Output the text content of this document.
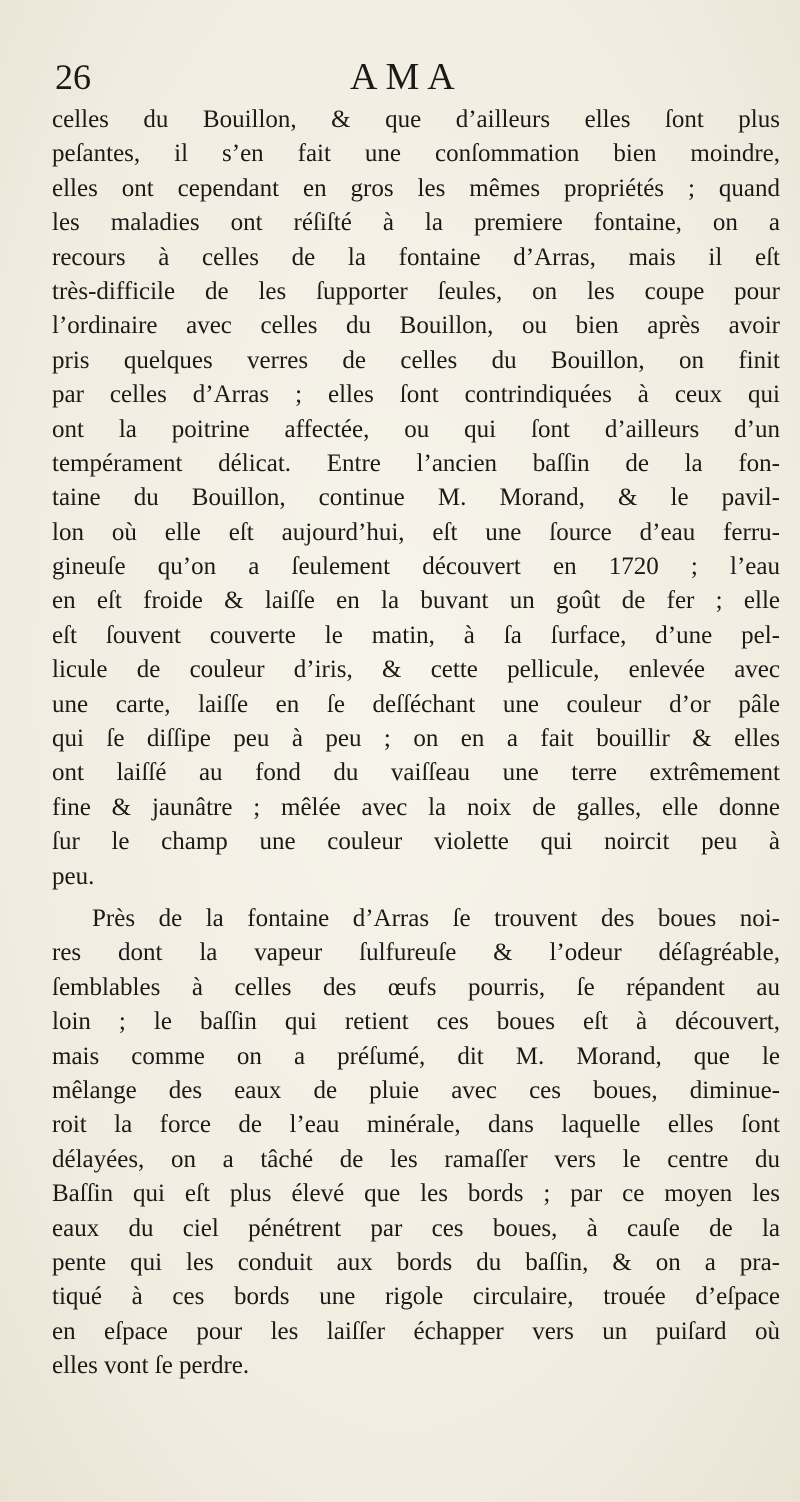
26	AMA
celles du Bouillon, & que d’ailleurs elles ſont plus
peſantes, il s’en fait une conſommation bien moindre,
elles ont cependant en gros les mêmes propriétés ; quand
les maladies ont réſiſté à la premiere fontaine, on a
recours à celles de la fontaine d’Arras, mais il eſt
très-difficile de les ſupporter ſeules, on les coupe pour
l’ordinaire avec celles du Bouillon, ou bien après avoir
pris quelques verres de celles du Bouillon, on finit
par celles d’Arras ; elles ſont contrindiquées à ceux qui
ont la poitrine affectée, ou qui ſont d’ailleurs d’un
tempérament délicat. Entre l’ancien baſſin de la fon-
taine du Bouillon, continue M. Morand, & le pavil-
lon où elle eſt aujourd’hui, eſt une ſource d’eau ferru-
gineuſe qu’on a ſeulement découvert en 1720 ; l’eau
en eſt froide & laiſſe en la buvant un goût de fer ; elle
eſt ſouvent couverte le matin, à ſa ſurface, d’une pel-
licule de couleur d’iris, & cette pellicule, enlevée avec
une carte, laiſſe en ſe deſſéchant une couleur d’or pâle
qui ſe diſſipe peu à peu ; on en a fait bouillir & elles
ont laiſſé au fond du vaiſſeau une terre extrêmement
fine & jaunâtre ; mêlée avec la noix de galles, elle donne
ſur le champ une couleur violette qui noircit peu à
peu.
Près de la fontaine d’Arras ſe trouvent des boues noi-
res dont la vapeur ſulfureuſe & l’odeur déſagréable,
ſemblables à celles des œufs pourris, ſe répandent au
loin ; le baſſin qui retient ces boues eſt à découvert,
mais comme on a préſumé, dit M. Morand, que le
mêlange des eaux de pluie avec ces boues, diminue-
roit la force de l’eau minérale, dans laquelle elles ſont
délayées, on a tâché de les ramaſſer vers le centre du
Baſſin qui eſt plus élevé que les bords ; par ce moyen les
eaux du ciel pénétrent par ces boues, à cauſe de la
pente qui les conduit aux bords du baſſin, & on a pra-
tiqué à ces bords une rigole circulaire, trouée d’eſpace
en eſpace pour les laiſſer échapper vers un puiſard où
elles vont ſe perdre.
